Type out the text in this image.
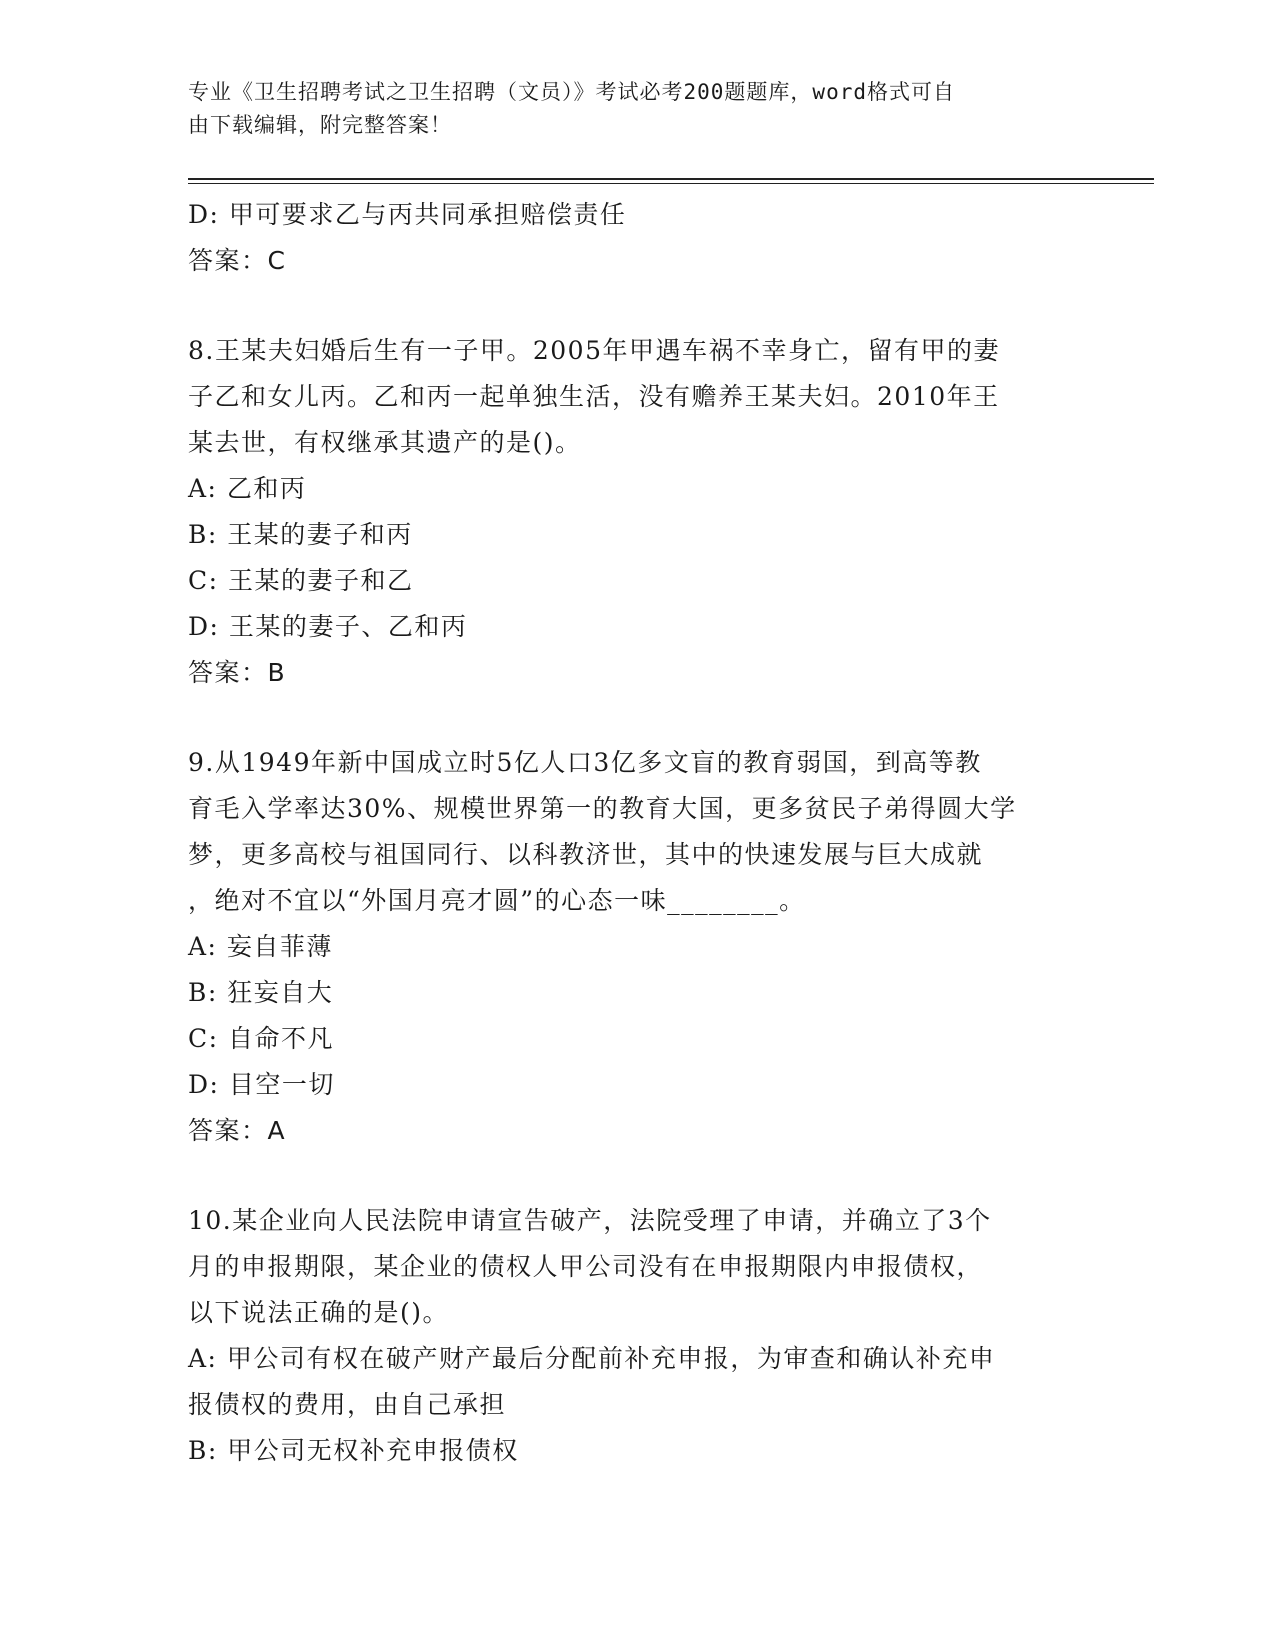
专业《卫生招聘考试之卫生招聘（文员）》考试必考200题题库，word格式可自
由下载编辑，附完整答案！
D: 甲可要求乙与丙共同承担赔偿责任
答案：C
8.王某夫妇婚后生有一子甲。2005年甲遇车祸不幸身亡，留有甲的妻
子乙和女儿丙。乙和丙一起单独生活，没有赡养王某夫妇。2010年王
某去世，有权继承其遗产的是()。
A: 乙和丙
B: 王某的妻子和丙
C: 王某的妻子和乙
D: 王某的妻子、乙和丙
答案：B
9.从1949年新中国成立时5亿人口3亿多文盲的教育弱国，到高等教
育毛入学率达30%、规模世界第一的教育大国，更多贫民子弟得圆大学
梦，更多高校与祖国同行、以科教济世，其中的快速发展与巨大成就
，绝对不宜以“外国月亮才圆”的心态一味________。
A: 妄自菲薄
B: 狂妄自大
C: 自命不凡
D: 目空一切
答案：A
10.某企业向人民法院申请宣告破产，法院受理了申请，并确立了3个
月的申报期限，某企业的债权人甲公司没有在申报期限内申报债权，
以下说法正确的是()。
A: 甲公司有权在破产财产最后分配前补充申报，为审查和确认补充申
报债权的费用，由自己承担
B: 甲公司无权补充申报债权
